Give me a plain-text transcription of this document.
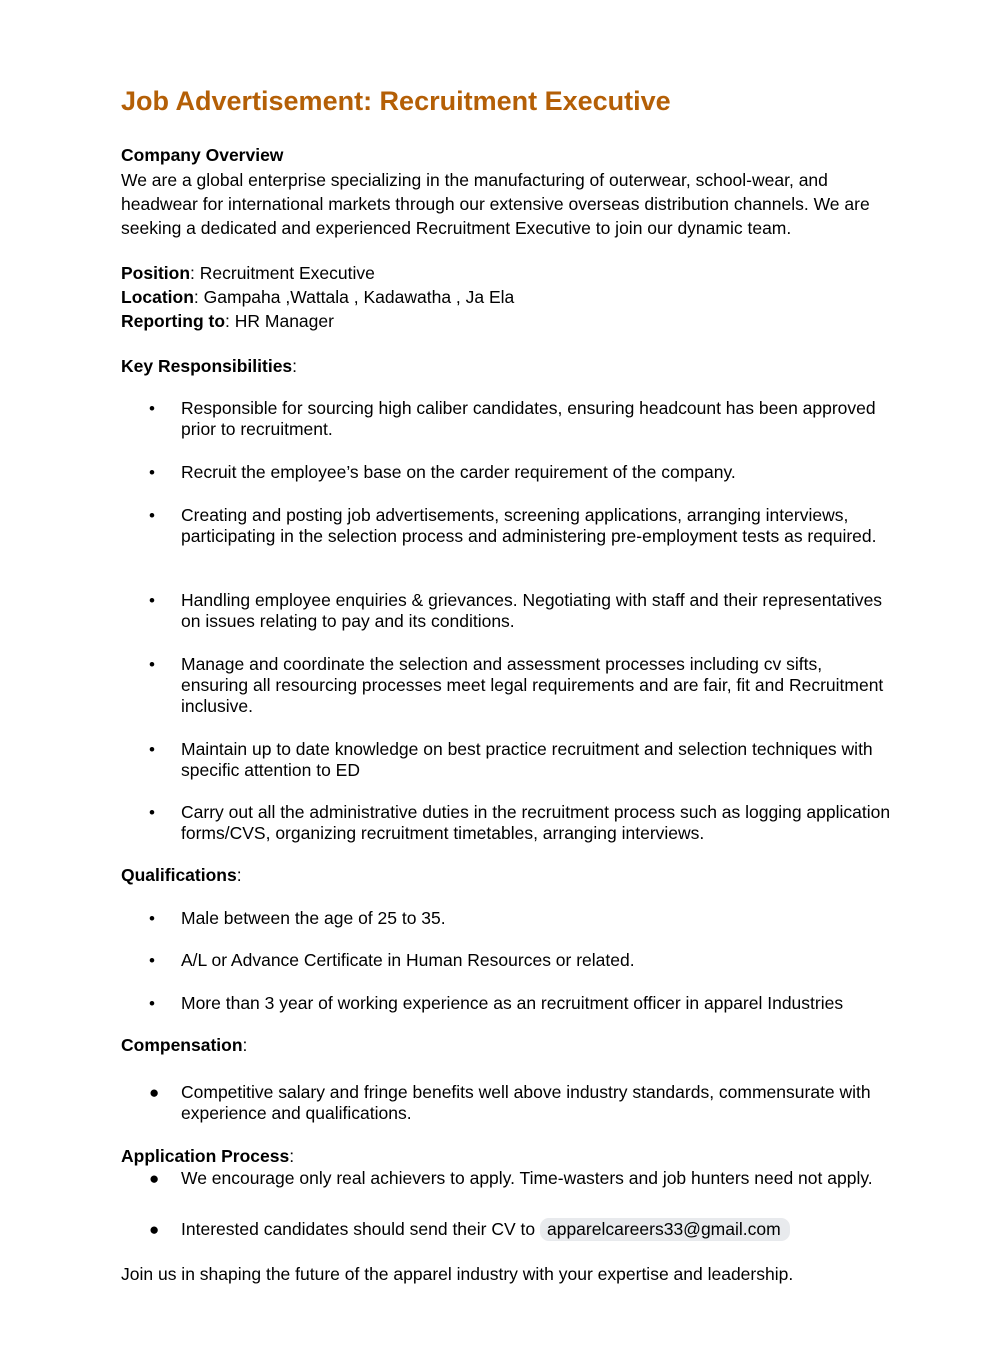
Job Advertisement: Recruitment Executive
Company Overview

We are a global enterprise specializing in the manufacturing of outerwear, school-wear, and headwear for international markets through our extensive overseas distribution channels. We are seeking a dedicated and experienced Recruitment Executive to join our dynamic team.

Position: Recruitment Executive
Location: Gampaha ,Wattala , Kadawatha , Ja Ela
Reporting to: HR Manager
Key Responsibilities:
• Responsible for sourcing high caliber candidates, ensuring headcount has been approved prior to recruitment.
• Recruit the employee’s base on the carder requirement of the company.
• Creating and posting job advertisements, screening applications, arranging interviews, participating in the selection process and administering pre-employment tests as required.
• Handling employee enquiries & grievances. Negotiating with staff and their representatives on issues relating to pay and its conditions.
• Manage and coordinate the selection and assessment processes including cv sifts, ensuring all resourcing processes meet legal requirements and are fair, fit and Recruitment inclusive.
• Maintain up to date knowledge on best practice recruitment and selection techniques with specific attention to ED
• Carry out all the administrative duties in the recruitment process such as logging application forms/CVS, organizing recruitment timetables, arranging interviews.
Qualifications:
• Male between the age of 25 to 35.
• A/L or Advance Certificate in Human Resources or related.
• More than 3 year of working experience as an recruitment officer in apparel Industries
Compensation:
● Competitive salary and fringe benefits well above industry standards, commensurate with experience and qualifications.
Application Process:
● We encourage only real achievers to apply. Time-wasters and job hunters need not apply.
● Interested candidates should send their CV to apparelcareers33@gmail.com

Join us in shaping the future of the apparel industry with your expertise and leadership.
